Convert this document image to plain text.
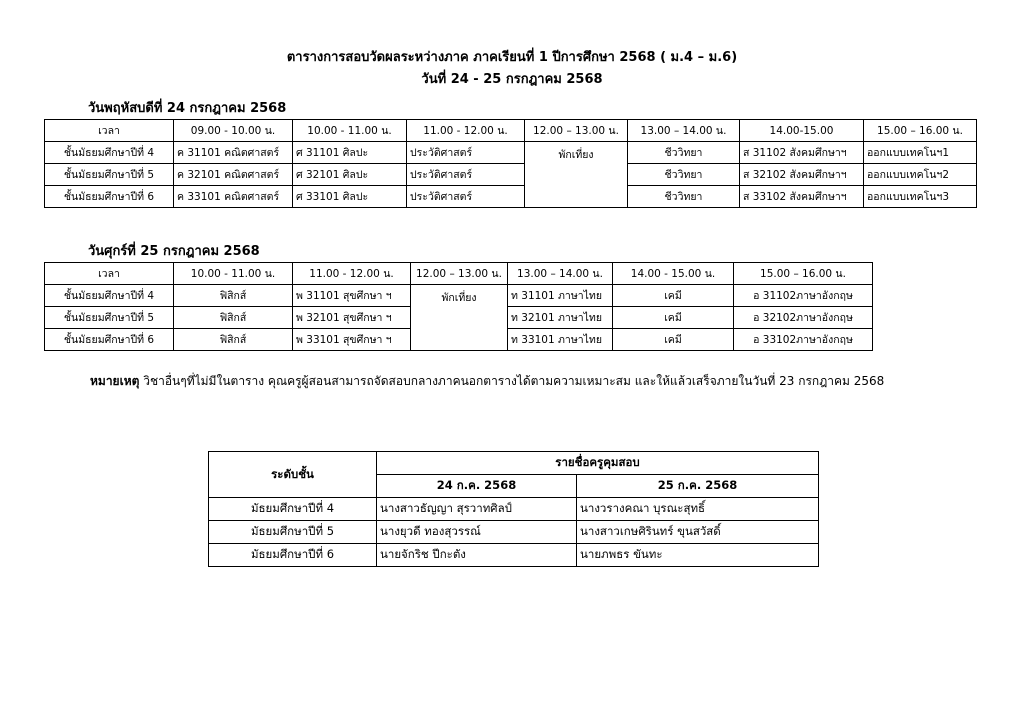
ตารางการสอบวัดผลระหว่างภาค ภาคเรียนที่ 1 ปีการศึกษา 2568 ( ม.4 – ม.6)
วันที่ 24 - 25 กรกฎาคม 2568
วันพฤหัสบดีที่ 24 กรกฎาคม 2568
เวลา	09.00 - 10.00 น.	10.00 - 11.00 น.	11.00 - 12.00 น.	12.00 – 13.00 น.	13.00 – 14.00 น.	14.00-15.00	15.00 – 16.00 น.
ชั้นมัธยมศึกษาปีที่ 4	ค 31101 คณิตศาสตร์	ศ 31101 ศิลปะ	ประวัติศาสตร์	พักเที่ยง	ชีววิทยา	ส 31102 สังคมศึกษาฯ	ออกแบบเทคโนฯ1
ชั้นมัธยมศึกษาปีที่ 5	ค 32101 คณิตศาสตร์	ศ 32101 ศิลปะ	ประวัติศาสตร์		ชีววิทยา	ส 32102 สังคมศึกษาฯ	ออกแบบเทคโนฯ2
ชั้นมัธยมศึกษาปีที่ 6	ค 33101 คณิตศาสตร์	ศ 33101 ศิลปะ	ประวัติศาสตร์		ชีววิทยา	ส 33102 สังคมศึกษาฯ	ออกแบบเทคโนฯ3
วันศุกร์ที่ 25 กรกฎาคม 2568
เวลา	10.00 - 11.00 น.	11.00 - 12.00 น.	12.00 – 13.00 น.	13.00 – 14.00 น.	14.00 - 15.00 น.	15.00 – 16.00 น.
ชั้นมัธยมศึกษาปีที่ 4	ฟิสิกส์	พ 31101 สุขศึกษา ฯ	พักเที่ยง	ท 31101 ภาษาไทย	เคมี	อ 31102ภาษาอังกฤษ
ชั้นมัธยมศึกษาปีที่ 5	ฟิสิกส์	พ 32101 สุขศึกษา ฯ		ท 32101 ภาษาไทย	เคมี	อ 32102ภาษาอังกฤษ
ชั้นมัธยมศึกษาปีที่ 6	ฟิสิกส์	พ 33101 สุขศึกษา ฯ		ท 33101 ภาษาไทย	เคมี	อ 33102ภาษาอังกฤษ
หมายเหตุ วิชาอื่นๆที่ไม่มีในตาราง คุณครูผู้สอนสามารถจัดสอบกลางภาคนอกตารางได้ตามความเหมาะสม และให้แล้วเสร็จภายในวันที่ 23 กรกฎาคม 2568
ระดับชั้น	รายชื่อครูคุมสอบ	
	24 ก.ค. 2568	25 ก.ค. 2568
มัธยมศึกษาปีที่ 4	นางสาวธัญญา สุรวาทศิลป์	นางวรางคณา บุรณะสุทธิ์
มัธยมศึกษาปีที่ 5	นางยุวดี ทองสุวรรณ์	นางสาวเกษศิรินทร์ ขุนสวัสดิ์
มัธยมศึกษาปีที่ 6	นายจักริช ปีกะตัง	นายภพธร ขันทะ
